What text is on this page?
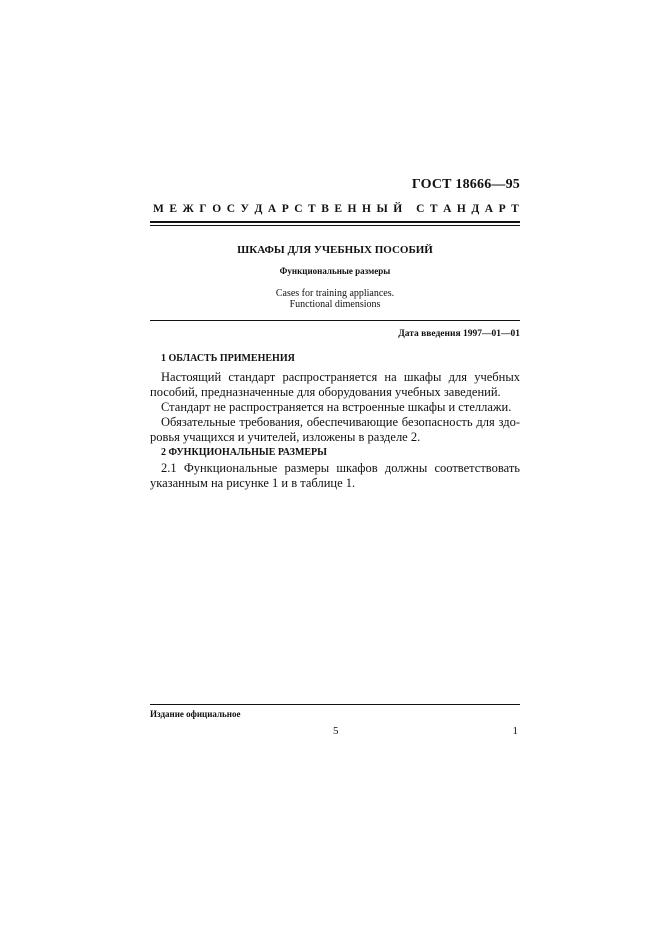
ГОСТ 18666—95
М Е Ж Г О С У Д А Р С Т В Е Н Н Ы Й
С Т А Н Д А Р Т
ШКАФЫ ДЛЯ УЧЕБНЫХ ПОСОБИЙ
Функциональные размеры
Cases for training appliances.
Functional dimensions
Дата введения 1997—01—01
1 ОБЛАСТЬ ПРИМЕНЕНИЯ
Настоящий стандарт распространяется на шкафы для учебных
пособий, предназначенные для оборудования учебных заведений.
Стандарт не распространяется на встроенные шкафы и стеллажи.
Обязательные требования, обеспечивающие безопасность для здо-
ровья учащихся и учителей, изложены в разделе 2.
2 ФУНКЦИОНАЛЬНЫЕ РАЗМЕРЫ
2.1 Функциональные размеры шкафов должны соответствовать
указанным на рисунке 1 и в таблице 1.
Издание официальное
5	1
